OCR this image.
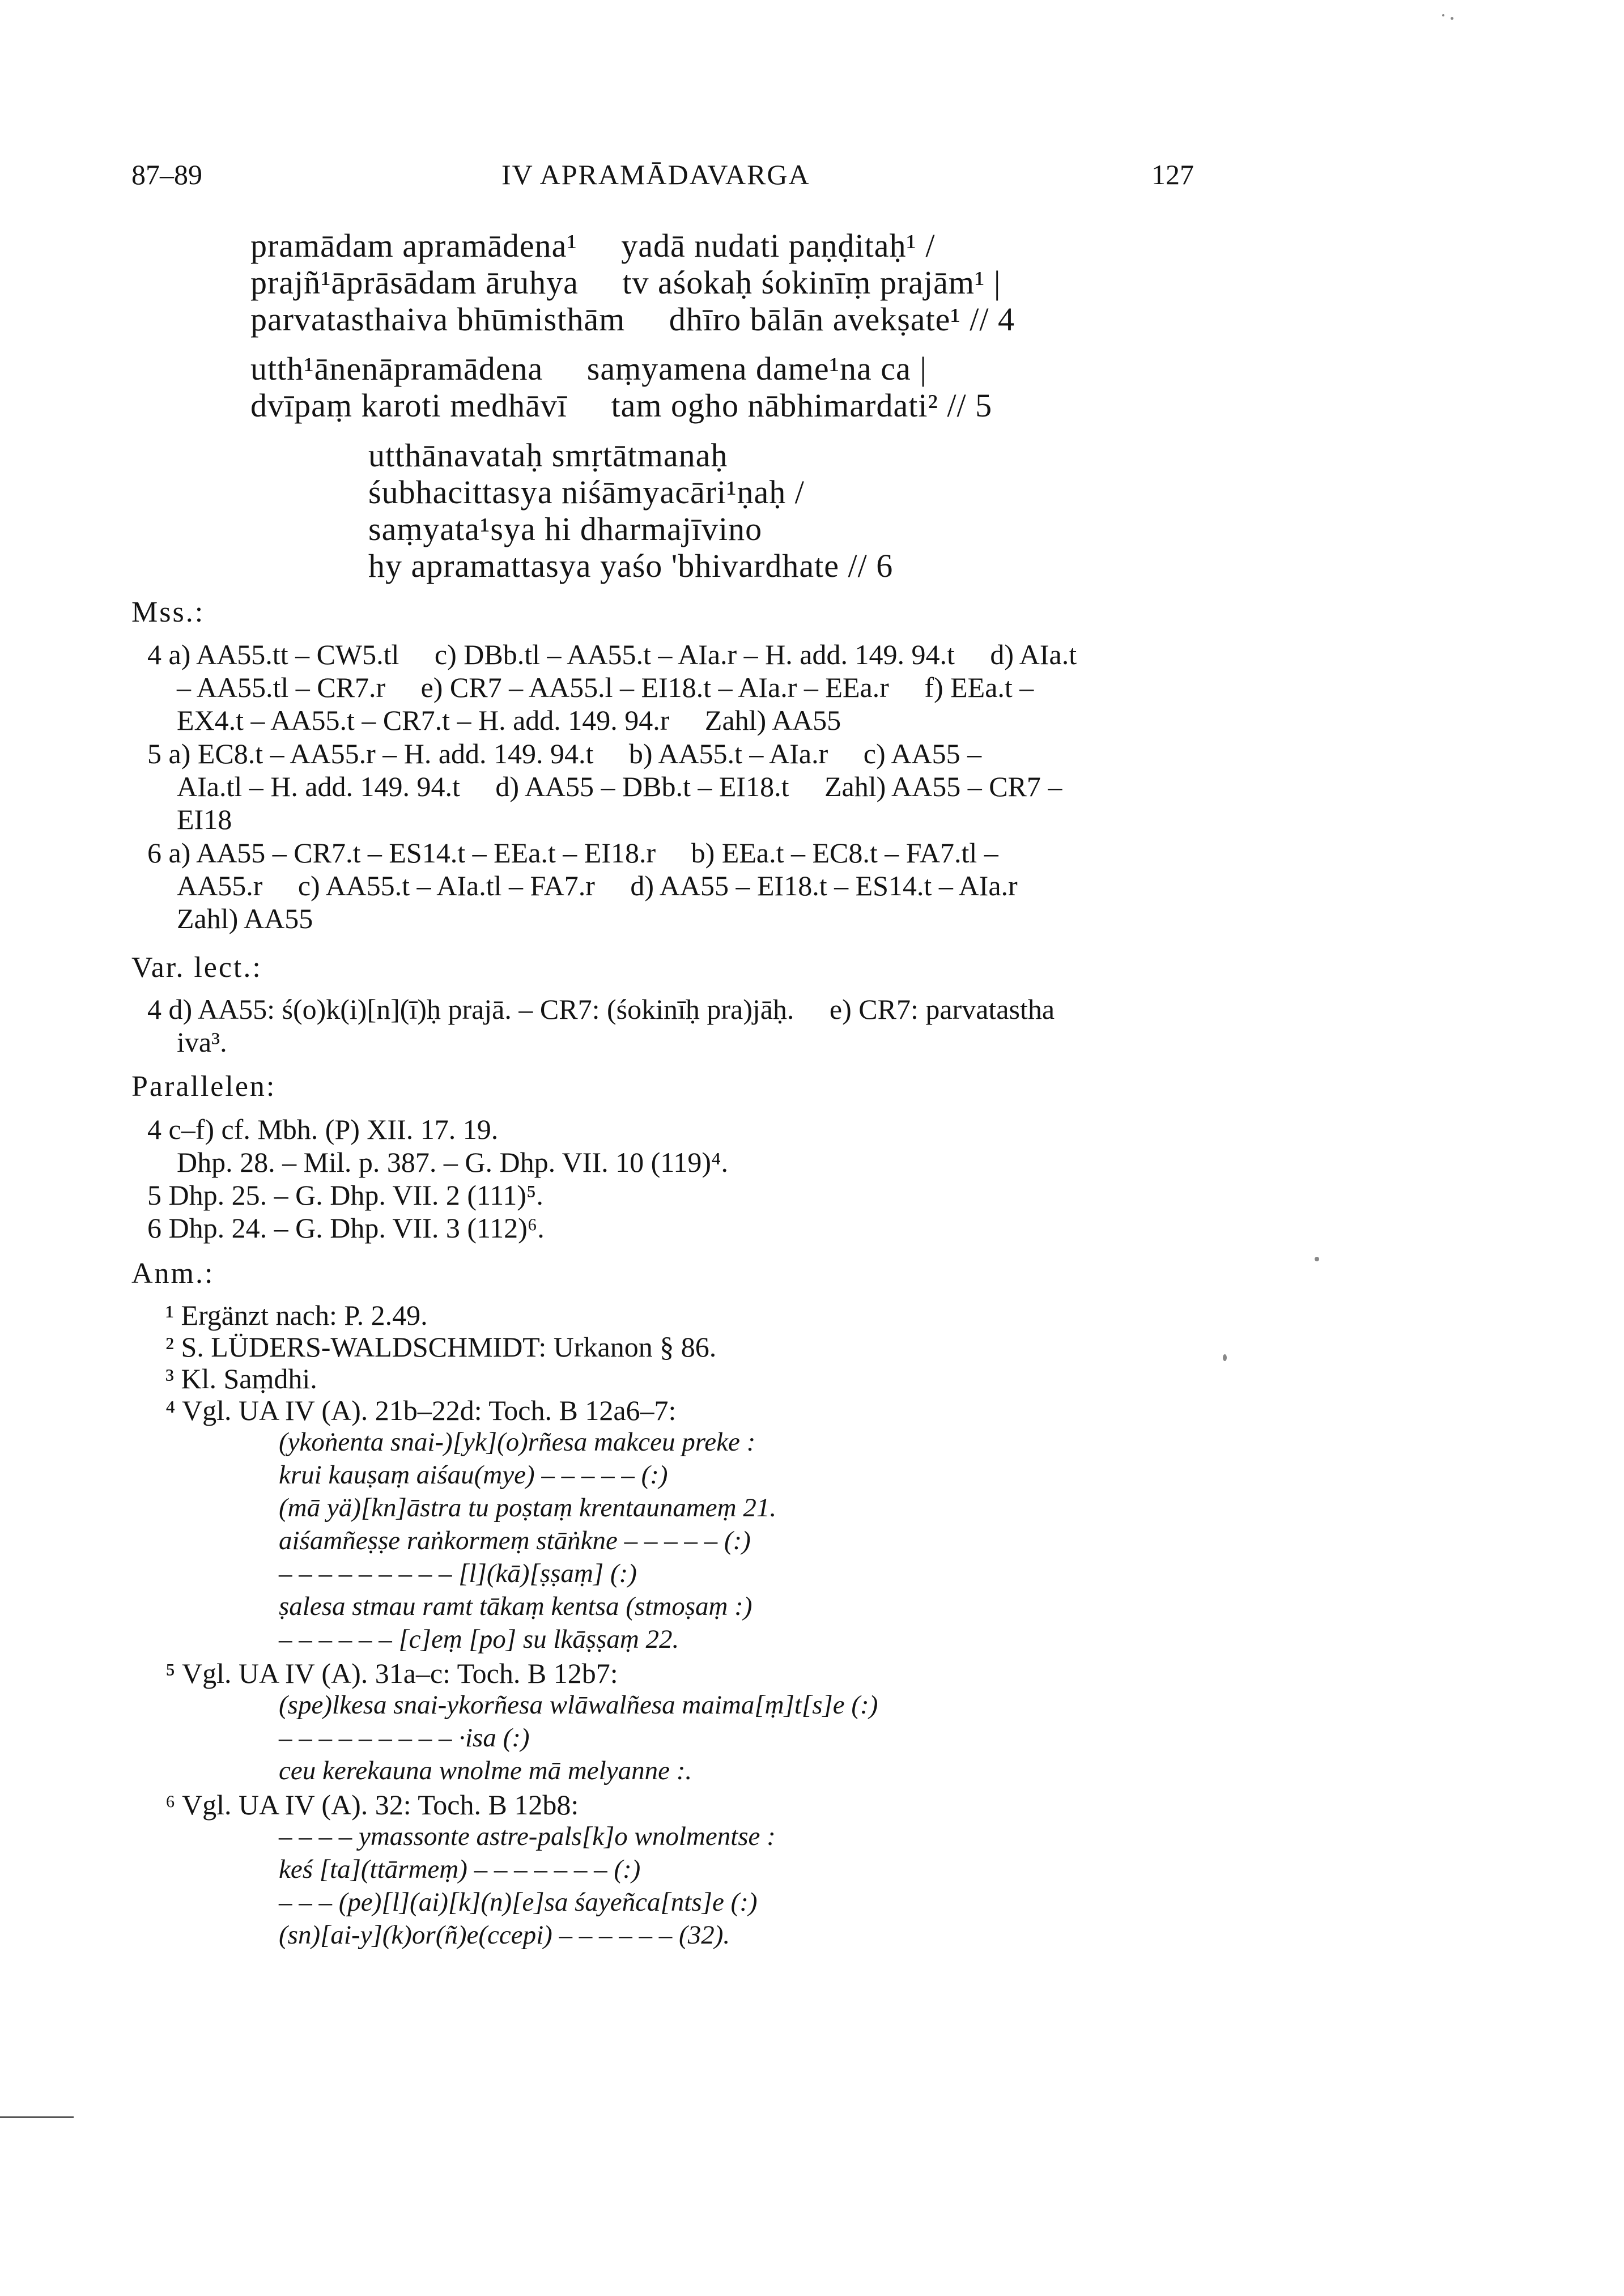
87–89	IV APRAMĀDAVARGA	127
pramādam apramādena¹     yadā nudati paṇḍitaḥ¹ /
prajñ¹āprāsādam āruhya     tv aśokaḥ śokinīṃ prajām¹ |
parvatasthaiva bhūmisthām     dhīro bālān avekṣate¹ // 4
utth¹ānenāpramādena     saṃyamena dame¹na ca |
dvīpaṃ karoti medhāvī     tam ogho nābhimardati² // 5
utthānavataḥ smṛtātmanaḥ
śubhacittasya niśāmyacāri¹ṇaḥ /
saṃyata¹sya hi dharmajīvino
hy apramattasya yaśo 'bhivardhate // 6
Mss.:
4 a) AA55.tt – CW5.tl     c) DBb.tl – AA55.t – AIa.r – H. add. 149. 94.t     d) AIa.t
– AA55.tl – CR7.r     e) CR7 – AA55.l – EI18.t – AIa.r – EEa.r     f) EEa.t –
EX4.t – AA55.t – CR7.t – H. add. 149. 94.r     Zahl) AA55
5 a) EC8.t – AA55.r – H. add. 149. 94.t     b) AA55.t – AIa.r     c) AA55 –
AIa.tl – H. add. 149. 94.t     d) AA55 – DBb.t – EI18.t     Zahl) AA55 – CR7 –
EI18
6 a) AA55 – CR7.t – ES14.t – EEa.t – EI18.r     b) EEa.t – EC8.t – FA7.tl –
AA55.r     c) AA55.t – AIa.tl – FA7.r     d) AA55 – EI18.t – ES14.t – AIa.r
Zahl) AA55
Var. lect.:
4 d) AA55: ś(o)k(i)[n](ī)ḥ prajā. – CR7: (śokinīḥ pra)jāḥ.     e) CR7: parvatastha
iva³.
Parallelen:
4 c–f) cf. Mbh. (P) XII. 17. 19.
Dhp. 28. – Mil. p. 387. – G. Dhp. VII. 10 (119)⁴.
5 Dhp. 25. – G. Dhp. VII. 2 (111)⁵.
6 Dhp. 24. – G. Dhp. VII. 3 (112)⁶.
Anm.:
¹ Ergänzt nach: P. 2.49.
² S. LÜDERS-WALDSCHMIDT: Urkanon § 86.
³ Kl. Saṃdhi.
⁴ Vgl. UA IV (A). 21b–22d: Toch. B 12a6–7:
(ykoṅenta snai-)[yk](o)rñesa makceu preke :
krui kauṣaṃ aiśau(mye) – – – – – (:)
(mā yä)[kn]āstra tu poṣtaṃ krentaunameṃ 21.
aiśamñeṣṣe raṅkormeṃ stāṅkne – – – – – (:)
– – – – – – – – – [l](kā)[ṣṣaṃ] (:)
ṣalesa stmau ramt tākaṃ kentsa (stmoṣaṃ :)
– – – – – – [c]eṃ [po] su lkāṣṣaṃ 22.
⁵ Vgl. UA IV (A). 31a–c: Toch. B 12b7:
(spe)lkesa snai-ykorñesa wlāwalñesa maima[ṃ]t[s]e (:)
– – – – – – – – – ·isa (:)
ceu kerekauna wnolme mā melyanne :.
⁶ Vgl. UA IV (A). 32: Toch. B 12b8:
– – – – ymassonte astre-pals[k]o wnolmentse :
keś [ta](ttārmeṃ) – – – – – – – (:)
– – – (pe)[l](ai)[k](n)[e]sa śayeñca[nts]e (:)
(sn)[ai-y](k)or(ñ)e(ccepi) – – – – – – (32).
